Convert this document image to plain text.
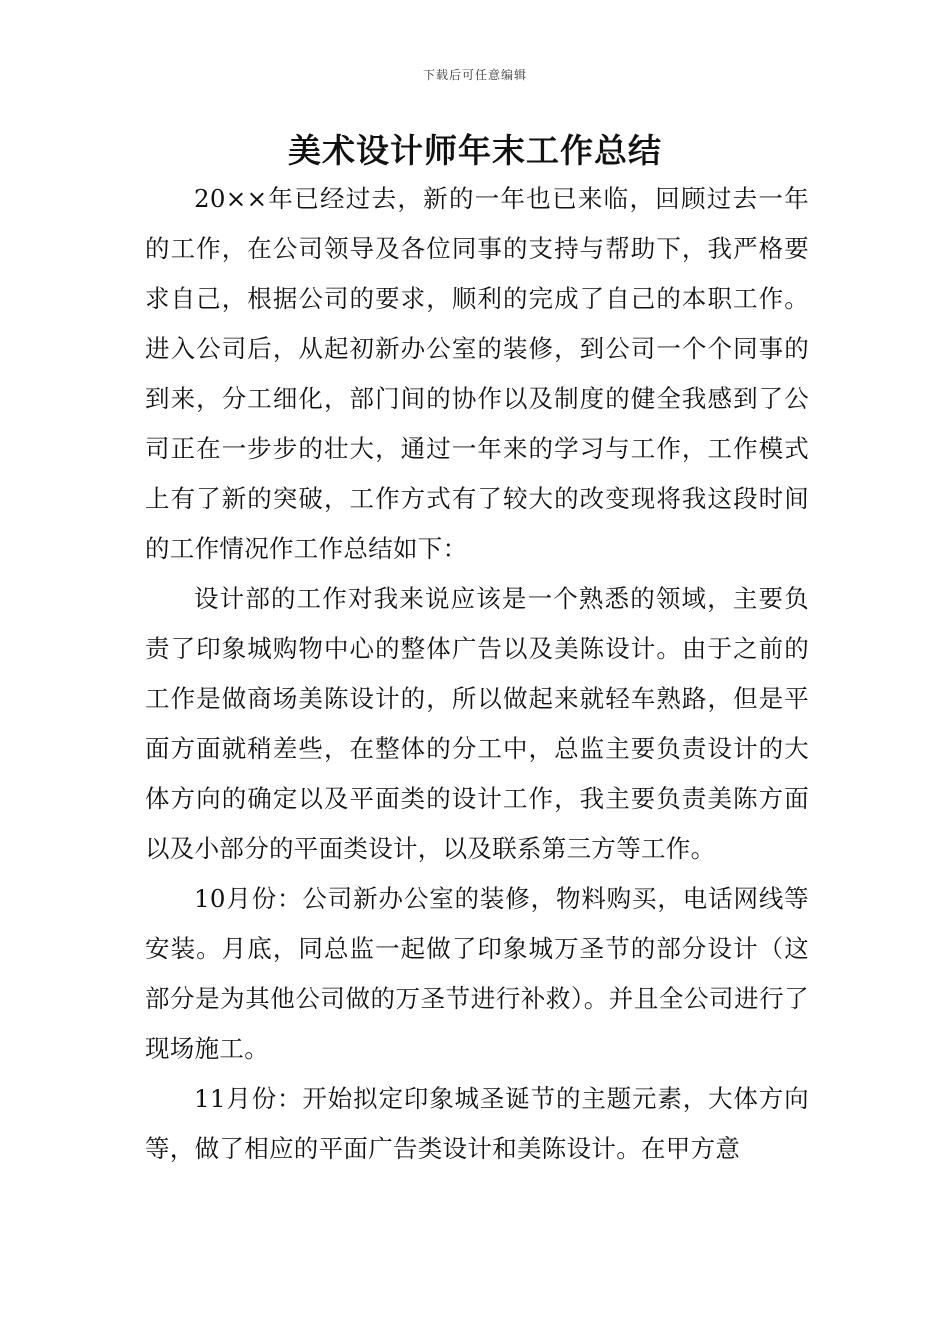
下载后可任意编辑
美术设计师年末工作总结

20××年已经过去，新的一年也已来临，回顾过去一年的工作，在公司领导及各位同事的支持与帮助下，我严格要求自己，根据公司的要求，顺利的完成了自己的本职工作。进入公司后，从起初新办公室的装修，到公司一个个同事的到来，分工细化，部门间的协作以及制度的健全我感到了公司正在一步步的壮大，通过一年来的学习与工作，工作模式上有了新的突破，工作方式有了较大的改变现将我这段时间的工作情况作工作总结如下：

设计部的工作对我来说应该是一个熟悉的领域，主要负责了印象城购物中心的整体广告以及美陈设计。由于之前的工作是做商场美陈设计的，所以做起来就轻车熟路，但是平面方面就稍差些，在整体的分工中，总监主要负责设计的大体方向的确定以及平面类的设计工作，我主要负责美陈方面以及小部分的平面类设计，以及联系第三方等工作。

10月份：公司新办公室的装修，物料购买，电话网线等安装。月底，同总监一起做了印象城万圣节的部分设计（这部分是为其他公司做的万圣节进行补救）。并且全公司进行了现场施工。

11月份：开始拟定印象城圣诞节的主题元素，大体方向等，做了相应的平面广告类设计和美陈设计。在甲方意
